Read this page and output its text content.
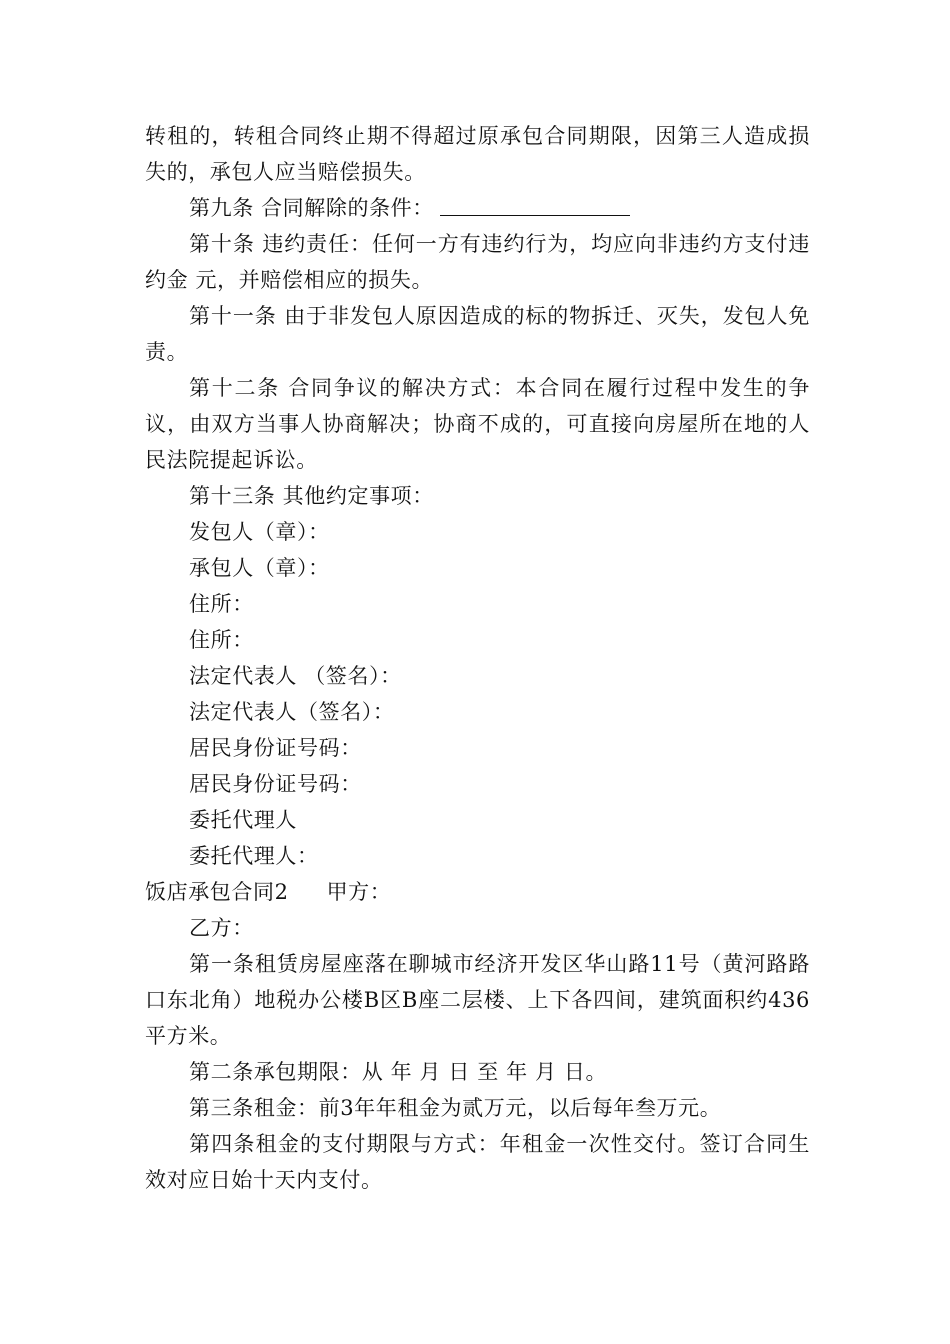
转租的，转租合同终止期不得超过原承包合同期限，因第三人造成损失的，承包人应当赔偿损失。

第九条 合同解除的条件：

第十条 违约责任：任何一方有违约行为，均应向非违约方支付违约金 元，并赔偿相应的损失。

第十一条 由于非发包人原因造成的标的物拆迁、灭失，发包人免责。

第十二条 合同争议的解决方式：本合同在履行过程中发生的争议，由双方当事人协商解决；协商不成的，可直接向房屋所在地的人民法院提起诉讼。

第十三条 其他约定事项：

发包人（章）：

承包人（章）：

住所：

住所：

法定代表人 （签名）：

法定代表人（签名）：

居民身份证号码：

居民身份证号码：

委托代理人

委托代理人：

饭店承包合同2 甲方：

乙方：

第一条租赁房屋座落在聊城市经济开发区华山路11号（黄河路路口东北角）地税办公楼B区B座二层楼、上下各四间，建筑面积约436平方米。

第二条承包期限：从 年 月 日 至 年 月 日。

第三条租金：前3年年租金为贰万元，以后每年叁万元。

第四条租金的支付期限与方式：年租金一次性交付。签订合同生效对应日始十天内支付。
